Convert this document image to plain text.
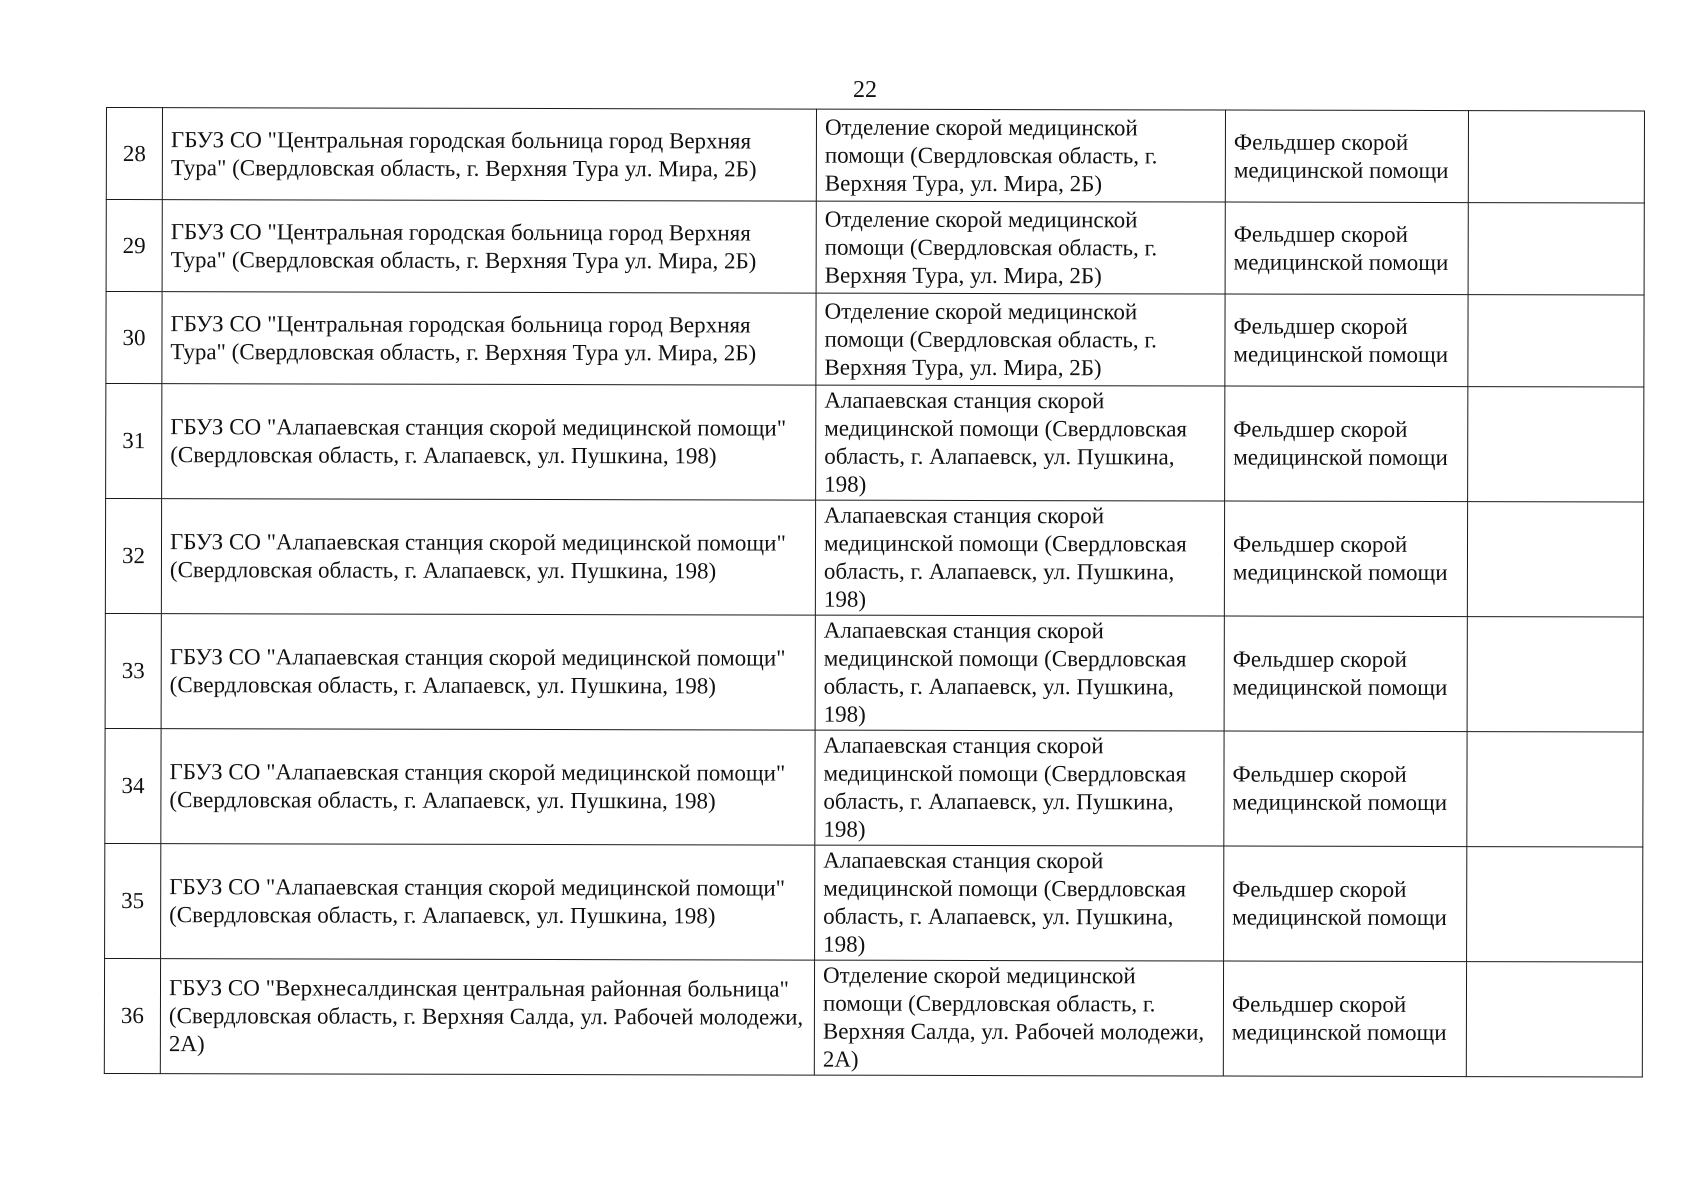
22
28	ГБУЗ СО "Центральная городская больница город Верхняя Тура" (Свердловская область, г. Верхняя Тура ул. Мира, 2Б)	Отделение скорой медицинской помощи (Свердловская область, г. Верхняя Тура, ул. Мира, 2Б)	Фельдшер скорой медицинской помощи	
29	ГБУЗ СО "Центральная городская больница город Верхняя Тура" (Свердловская область, г. Верхняя Тура ул. Мира, 2Б)	Отделение скорой медицинской помощи (Свердловская область, г. Верхняя Тура, ул. Мира, 2Б)	Фельдшер скорой медицинской помощи	
30	ГБУЗ СО "Центральная городская больница город Верхняя Тура" (Свердловская область, г. Верхняя Тура ул. Мира, 2Б)	Отделение скорой медицинской помощи (Свердловская область, г. Верхняя Тура, ул. Мира, 2Б)	Фельдшер скорой медицинской помощи	
31	ГБУЗ СО "Алапаевская станция скорой медицинской помощи" (Свердловская область, г. Алапаевск, ул. Пушкина, 198)	Алапаевская станция скорой медицинской помощи (Свердловская область, г. Алапаевск, ул. Пушкина, 198)	Фельдшер скорой медицинской помощи	
32	ГБУЗ СО "Алапаевская станция скорой медицинской помощи" (Свердловская область, г. Алапаевск, ул. Пушкина, 198)	Алапаевская станция скорой медицинской помощи (Свердловская область, г. Алапаевск, ул. Пушкина, 198)	Фельдшер скорой медицинской помощи	
33	ГБУЗ СО "Алапаевская станция скорой медицинской помощи" (Свердловская область, г. Алапаевск, ул. Пушкина, 198)	Алапаевская станция скорой медицинской помощи (Свердловская область, г. Алапаевск, ул. Пушкина, 198)	Фельдшер скорой медицинской помощи	
34	ГБУЗ СО "Алапаевская станция скорой медицинской помощи" (Свердловская область, г. Алапаевск, ул. Пушкина, 198)	Алапаевская станция скорой медицинской помощи (Свердловская область, г. Алапаевск, ул. Пушкина, 198)	Фельдшер скорой медицинской помощи	
35	ГБУЗ СО "Алапаевская станция скорой медицинской помощи" (Свердловская область, г. Алапаевск, ул. Пушкина, 198)	Алапаевская станция скорой медицинской помощи (Свердловская область, г. Алапаевск, ул. Пушкина, 198)	Фельдшер скорой медицинской помощи	
36	ГБУЗ СО "Верхнесалдинская центральная районная больница" (Свердловская область, г. Верхняя Салда, ул. Рабочей молодежи, 2А)	Отделение скорой медицинской помощи (Свердловская область, г. Верхняя Салда, ул. Рабочей молодежи, 2А)	Фельдшер скорой медицинской помощи	
